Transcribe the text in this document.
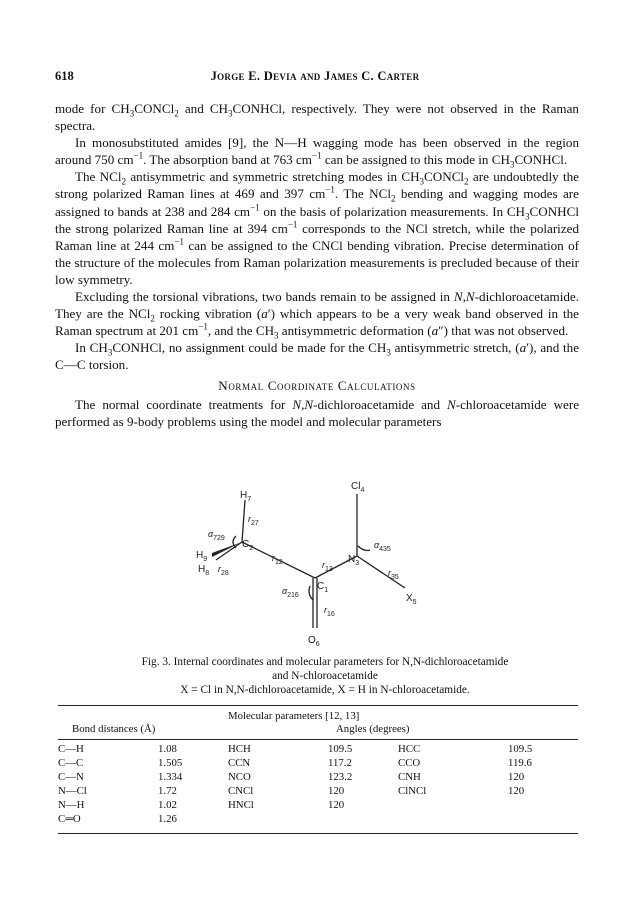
618	Jorge E. Devia and James C. Carter

mode for $CH_3CONCl_2$ and $CH_3CONHCl$, respectively. They were not observed in the Raman spectra.

In monosubstituted amides [9], the N—H wagging mode has been observed in the region around 750 $cm^{-1}$. The absorption band at 763 $cm^{-1}$ can be assigned to this mode in $CH_3CONHCl$.

The NCl$_2$ antisymmetric and symmetric stretching modes in $CH_3CONCl_2$ are undoubtedly the strong polarized Raman lines at 469 and 397 $cm^{-1}$. The NCl$_2$ bending and wagging modes are assigned to bands at 238 and 284 $cm^{-1}$ on the basis of polarization measurements. In $CH_3CONHCl$ the strong polarized Raman line at 394 $cm^{-1}$ corresponds to the NCl stretch, while the polarized Raman line at 244 $cm^{-1}$ can be assigned to the CNCl bending vibration. Precise determination of the structure of the molecules from Raman polarization measurements is precluded because of their low symmetry.

Excluding the torsional vibrations, two bands remain to be assigned in N,N-dichloroacetamide. They are the NCl$_2$ rocking vibration (a′) which appears to be a very weak band observed in the Raman spectrum at 201 $cm^{-1}$, and the $CH_3$ antisymmetric deformation (a″) that was not observed.

In $CH_3CONHCl$, no assignment could be made for the $CH_3$ antisymmetric stretch, (a′), and the C—C torsion.

Normal Coordinate Calculations

The normal coordinate treatments for N,N-dichloroacetamide and N-chloroacetamide were performed as 9-body problems using the model and molecular parameters

$Cl_4$
$H_7$
$r_{27}$
$\alpha_{729}$
$C_2$
$H_9$
$H_8$ $r_{28}$
$r_{12}$	$r_{13}$
$N_3$
$\alpha_{435}$
$C_1$
$r_{35}$
$X_5$
$\alpha_{216}$
$r_{16}$
$O_6$
Fig. 3. Internal coordinates and molecular parameters for N,N-dichloroacetamide
and N-chloroacetamide
X = Cl in N,N-dichloroacetamide, X = H in N-chloroacetamide.
Molecular parameters [12, 13]
Bond distances (Å)	Angles (degrees)
C—H	1.08	HCH	109.5	HCC	109.5
C—C	1.505	CCN	117.2	CCO	119.6
C—N	1.334	NCO	123.2	CNH	120
N—Cl	1.72	CNCl	120	ClNCl	120
N—H	1.02	HNCl	120
C═O	1.26
